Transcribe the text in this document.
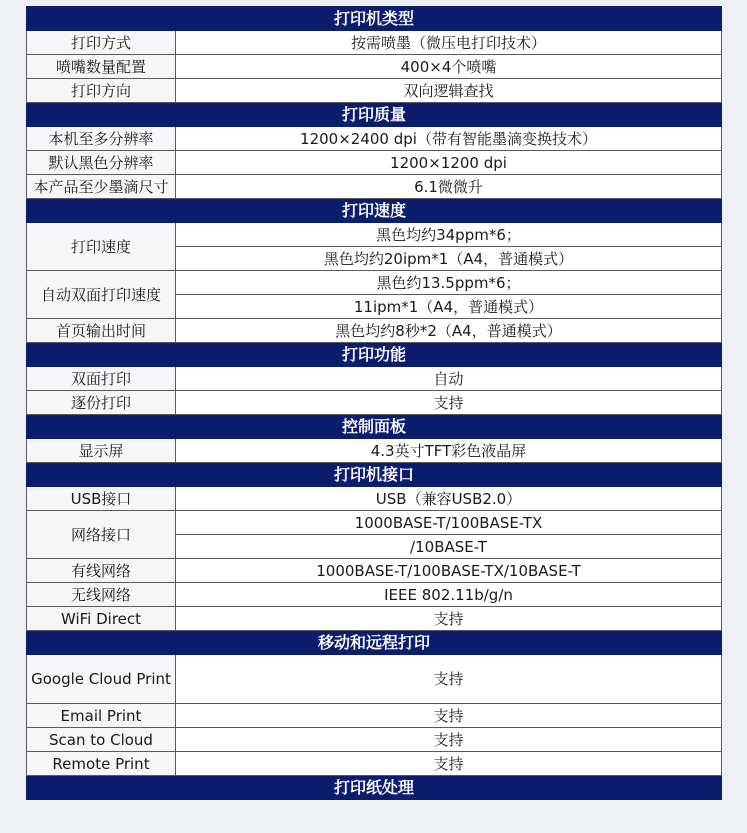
打印机类型	
打印方式	按需喷墨（微压电打印技术）
喷嘴数量配置	400×4个喷嘴
打印方向	双向逻辑查找
打印质量	
本机至多分辨率	1200×2400 dpi（带有智能墨滴变换技术）
默认黑色分辨率	1200×1200 dpi
本产品至少墨滴尺寸	6.1微微升
打印速度	
打印速度	黑色均约34ppm*6；
	黑色均约20ipm*1（A4，普通模式）
自动双面打印速度	黑色约13.5ppm*6；
	11ipm*1（A4，普通模式）
首页输出时间	黑色均约8秒*2（A4，普通模式）
打印功能	
双面打印	自动
逐份打印	支持
控制面板	
显示屏	4.3英寸TFT彩色液晶屏
打印机接口	
USB接口	USB（兼容USB2.0）
网络接口	1000BASE-T/100BASE-TX
	/10BASE-T
有线网络	1000BASE-T/100BASE-TX/10BASE-T
无线网络	IEEE 802.11b/g/n
WiFi Direct	支持
移动和远程打印	
Google Cloud Print	支持
Email Print	支持
Scan to Cloud	支持
Remote Print	支持
打印纸处理	
